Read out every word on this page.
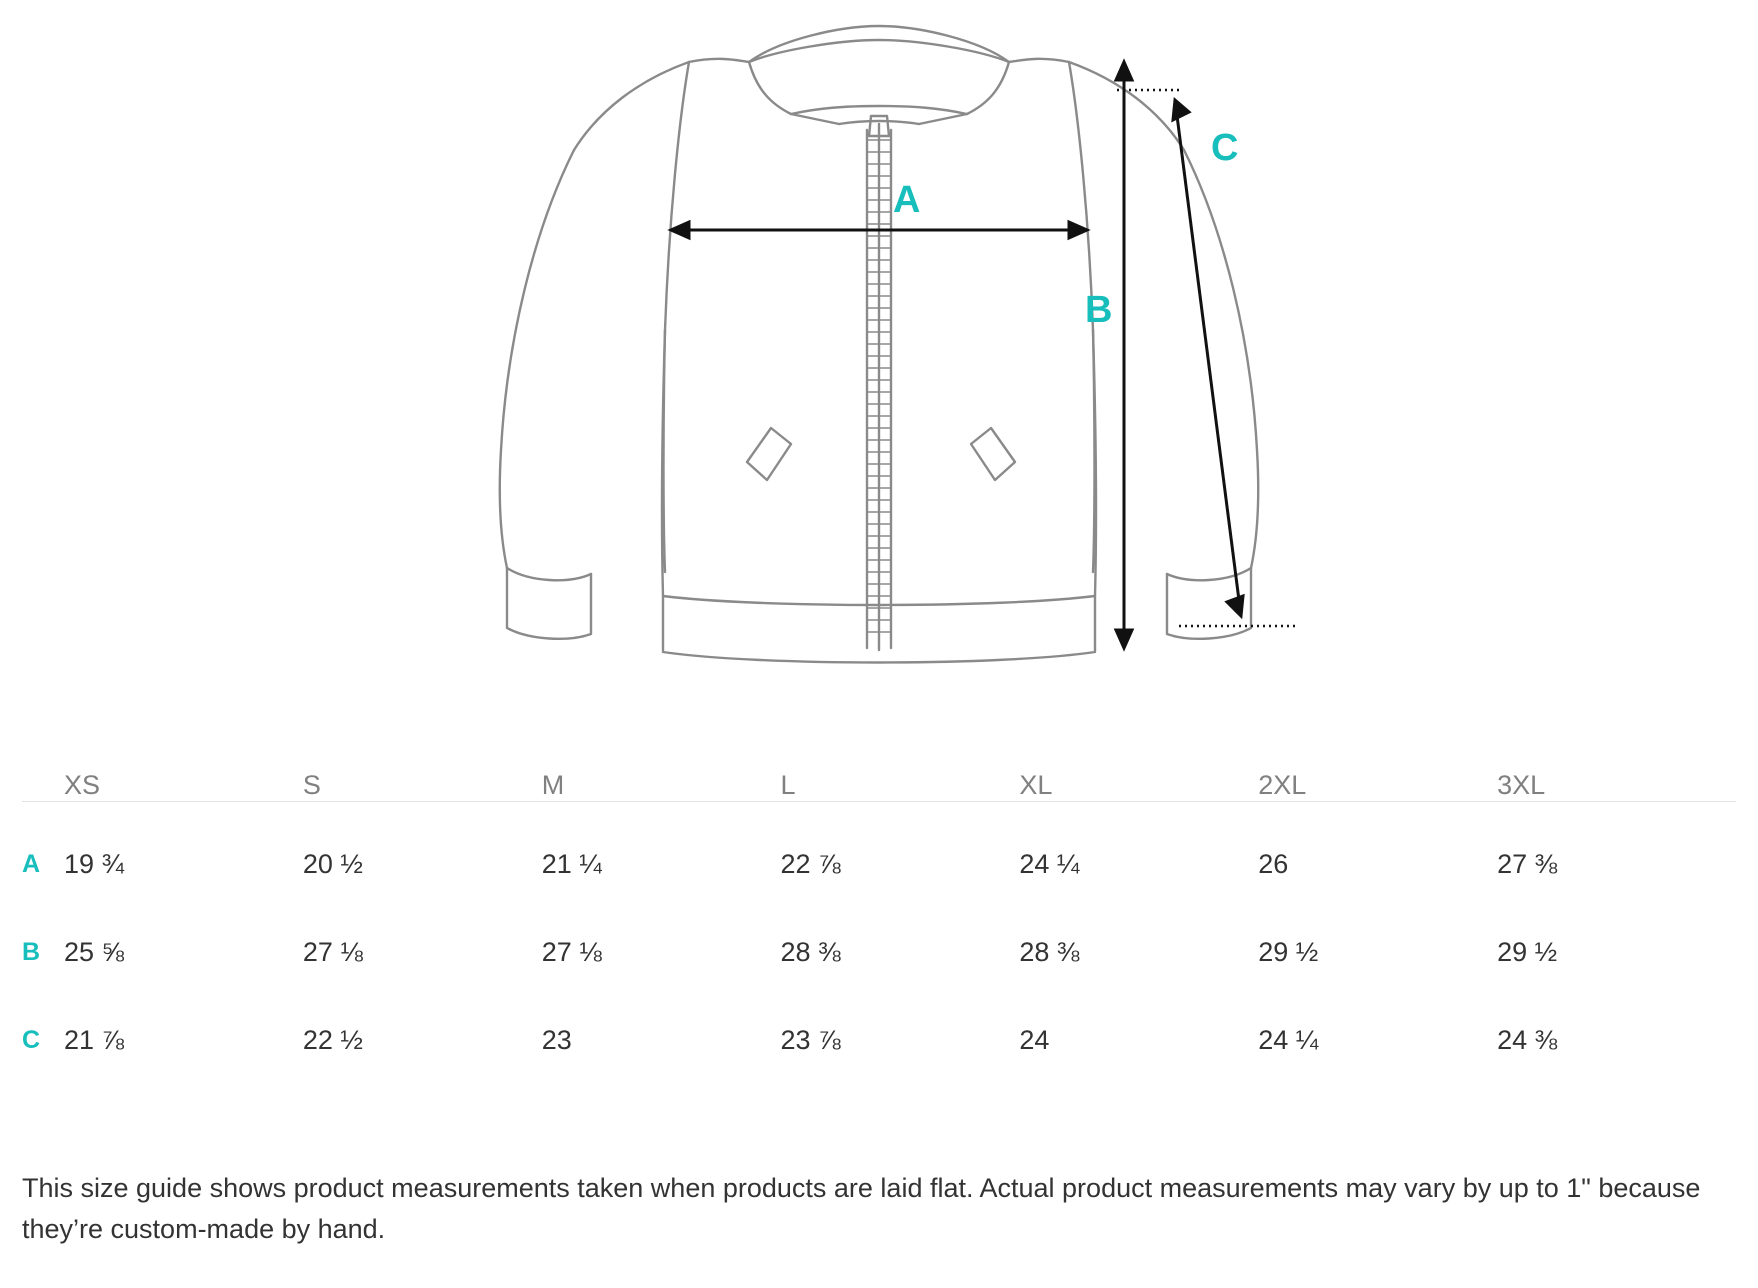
A
B
C
	XS	S	M	L	XL	2XL	3XL

A	19 ¾	20 ½	21 ¼	22 ⅞	24 ¼	26	27 ⅜
B	25 ⅝	27 ⅛	27 ⅛	28 ⅜	28 ⅜	29 ½	29 ½
C	21 ⅞	22 ½	23	23 ⅞	24	24 ¼	24 ⅜
This size guide shows product measurements taken when products are laid flat. Actual product measurements may vary by up to 1" because they’re custom-made by hand.
